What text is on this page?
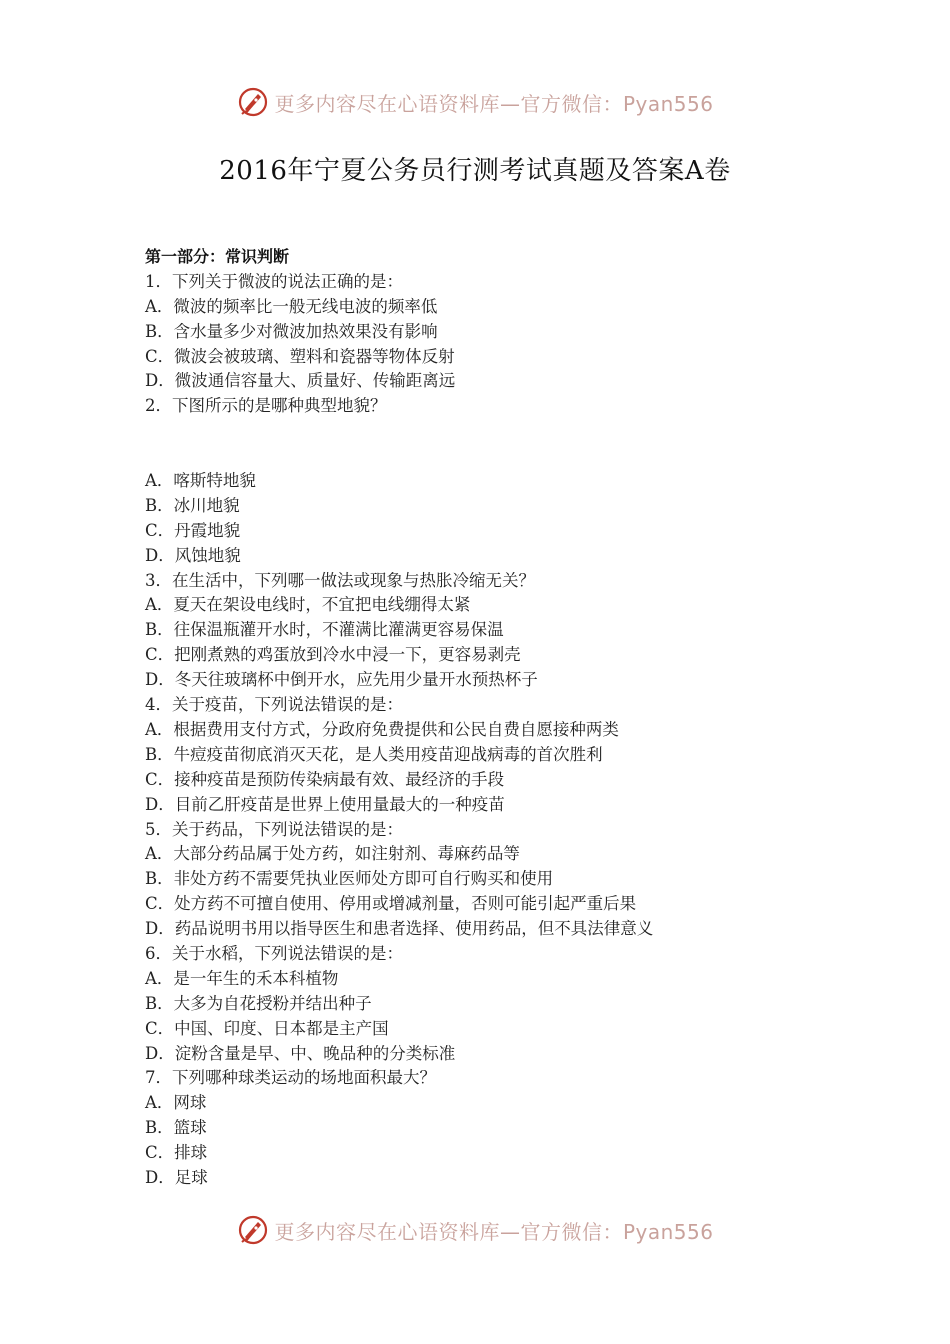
更多内容尽在心语资料库—官方微信：Pyan556
2016年宁夏公务员行测考试真题及答案A卷
第一部分：常识判断
1．下列关于微波的说法正确的是：
A．微波的频率比一般无线电波的频率低
B．含水量多少对微波加热效果没有影响
C．微波会被玻璃、塑料和瓷器等物体反射
D．微波通信容量大、质量好、传输距离远
2．下图所示的是哪种典型地貌？
A．喀斯特地貌
B．冰川地貌
C．丹霞地貌
D．风蚀地貌
3．在生活中，下列哪一做法或现象与热胀冷缩无关？
A．夏天在架设电线时，不宜把电线绷得太紧
B．往保温瓶灌开水时，不灌满比灌满更容易保温
C．把刚煮熟的鸡蛋放到冷水中浸一下，更容易剥壳
D．冬天往玻璃杯中倒开水，应先用少量开水预热杯子
4．关于疫苗，下列说法错误的是：
A．根据费用支付方式，分政府免费提供和公民自费自愿接种两类
B．牛痘疫苗彻底消灭天花，是人类用疫苗迎战病毒的首次胜利
C．接种疫苗是预防传染病最有效、最经济的手段
D．目前乙肝疫苗是世界上使用量最大的一种疫苗
5．关于药品，下列说法错误的是：
A．大部分药品属于处方药，如注射剂、毒麻药品等
B．非处方药不需要凭执业医师处方即可自行购买和使用
C．处方药不可擅自使用、停用或增减剂量，否则可能引起严重后果
D．药品说明书用以指导医生和患者选择、使用药品，但不具法律意义
6．关于水稻，下列说法错误的是：
A．是一年生的禾本科植物
B．大多为自花授粉并结出种子
C．中国、印度、日本都是主产国
D．淀粉含量是早、中、晚品种的分类标准
7．下列哪种球类运动的场地面积最大？
A．网球
B．篮球
C．排球
D．足球
更多内容尽在心语资料库—官方微信：Pyan556
